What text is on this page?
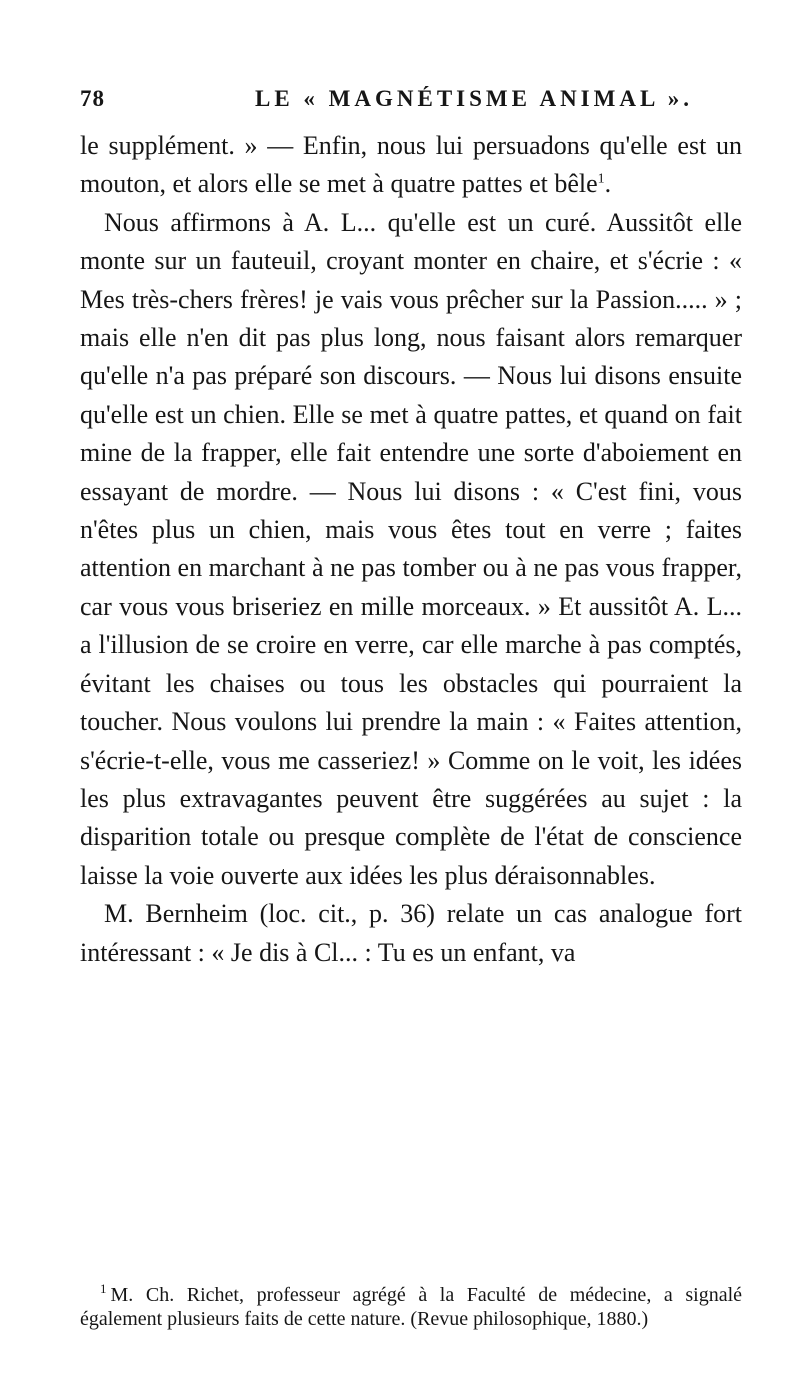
78	LE « MAGNÉTISME ANIMAL ».

le supplément. » — Enfin, nous lui persuadons qu'elle est un mouton, et alors elle se met à quatre pattes et bêle$^1$.

Nous affirmons à A. L... qu'elle est un curé. Aussitôt elle monte sur un fauteuil, croyant monter en chaire, et s'écrie : « Mes très-chers frères! je vais vous prêcher sur la Passion..... » ; mais elle n'en dit pas plus long, nous faisant alors remarquer qu'elle n'a pas préparé son discours. — Nous lui disons ensuite qu'elle est un chien. Elle se met à quatre pattes, et quand on fait mine de la frapper, elle fait entendre une sorte d'aboiement en essayant de mordre. — Nous lui disons : « C'est fini, vous n'êtes plus un chien, mais vous êtes tout en verre ; faites attention en marchant à ne pas tomber ou à ne pas vous frapper, car vous vous briseriez en mille morceaux. » Et aussitôt A. L... a l'illusion de se croire en verre, car elle marche à pas comptés, évitant les chaises ou tous les obstacles qui pourraient la toucher. Nous voulons lui prendre la main : « Faites attention, s'écrie-t-elle, vous me casseriez! » Comme on le voit, les idées les plus extravagantes peuvent être suggérées au sujet : la disparition totale ou presque complète de l'état de conscience laisse la voie ouverte aux idées les plus déraisonnables.

M. Bernheim (loc. cit., p. 36) relate un cas analogue fort intéressant : « Je dis à Cl... : Tu es un enfant, va

$^1$ M. Ch. Richet, professeur agrégé à la Faculté de médecine, a signalé également plusieurs faits de cette nature. (Revue philosophique, 1880.)
